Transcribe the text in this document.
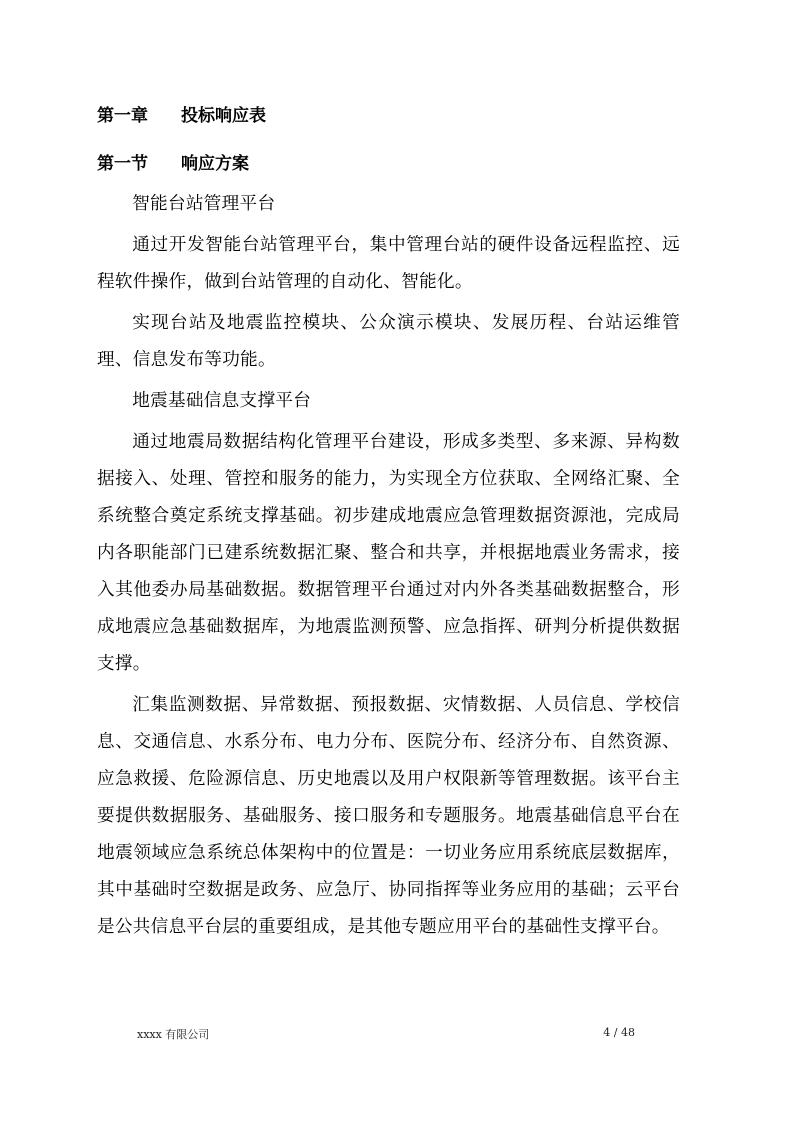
第一章 投标响应表
第一节 响应方案

智能台站管理平台

通过开发智能台站管理平台，集中管理台站的硬件设备远程监控、远程软件操作，做到台站管理的自动化、智能化。

实现台站及地震监控模块、公众演示模块、发展历程、台站运维管理、信息发布等功能。

地震基础信息支撑平台

通过地震局数据结构化管理平台建设，形成多类型、多来源、异构数据接入、处理、管控和服务的能力，为实现全方位获取、全网络汇聚、全系统整合奠定系统支撑基础。初步建成地震应急管理数据资源池，完成局内各职能部门已建系统数据汇聚、整合和共享，并根据地震业务需求，接入其他委办局基础数据。数据管理平台通过对内外各类基础数据整合，形成地震应急基础数据库，为地震监测预警、应急指挥、研判分析提供数据支撑。

汇集监测数据、异常数据、预报数据、灾情数据、人员信息、学校信息、交通信息、水系分布、电力分布、医院分布、经济分布、自然资源、应急救援、危险源信息、历史地震以及用户权限新等管理数据。该平台主要提供数据服务、基础服务、接口服务和专题服务。地震基础信息平台在地震领域应急系统总体架构中的位置是：一切业务应用系统底层数据库，其中基础时空数据是政务、应急厅、协同指挥等业务应用的基础；云平台是公共信息平台层的重要组成，是其他专题应用平台的基础性支撑平台。

xxxx 有限公司	4 / 48
